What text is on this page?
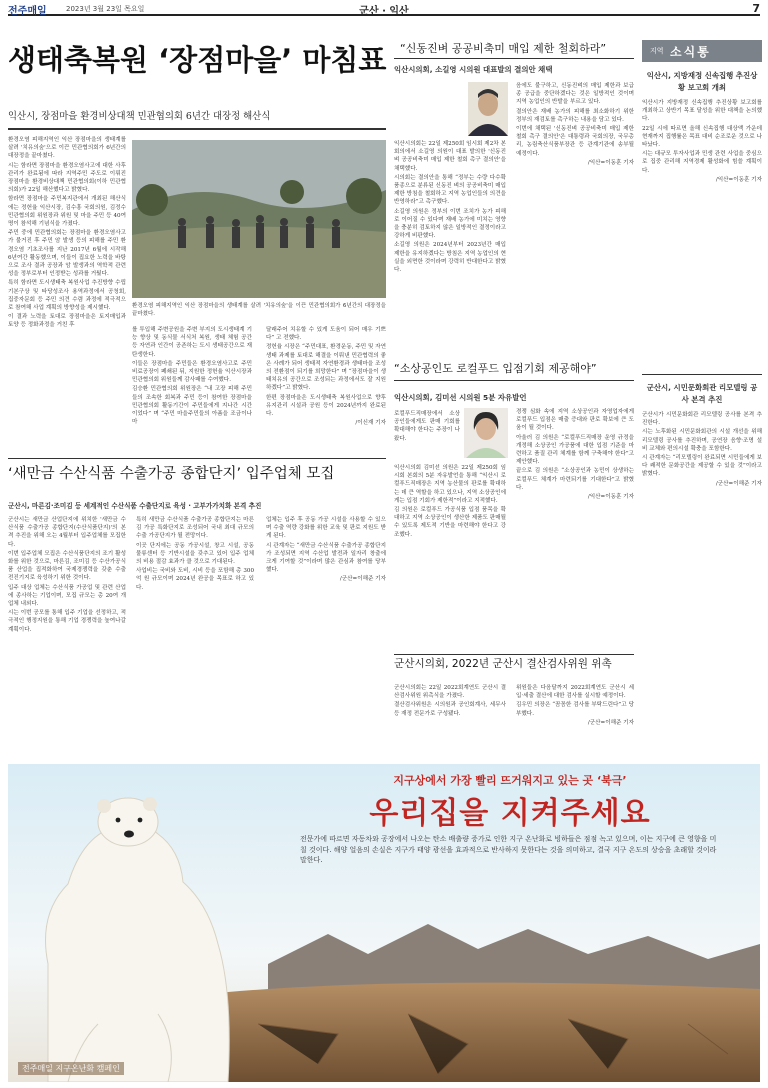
전주매일	2023년 3월 23일 목요일	군산 · 익산	7
생태축복원 ‘장점마을’ 마침표
익산시, 장점마을 환경비상대책 민관협의회 6년간 대장정 해산식

환경오염 피해지역인 익산 장점마을의 생태계를 살려 '치유의숲'으로 이끈 민관협의회가 6년간의 대장정을 끝마쳤다.

시는 함라면 장점마을 환경오염사고에 대한 사후관리가 완료됨에 따라 지역주민 주도로 이뤄진 장점마을 환경비상대책 민관협의회(이하 민관협의회)가 22일 해산했다고 밝혔다.

함라면 장점마을 주민복지관에서 개최된 해산식에는 정헌율 익산시장, 김수흥 국회의원, 김정수 민관협의회 위원장과 위원 및 마을 주민 등 40여명이 참석해 기념식을 가졌다.

주민 중에 민관협의회는 장점마을 환경오염사고가 불거진 후 주민 암 발생 등의 피해를 주민 환경오염 기초조사를 지난 2017년 6월에 시작해 6년여간 활동했으며, 이들이 집요한 노력을 바탕으로 조사 결과 공장과 암 발생과의 역학적 관련성을 정부로부터 인정받는 성과를 거뒀다.

특히 함라면 도시생태축 복원사업 추진방향 수립 기본구상 및 타당성조사 용역과정에서 공청회, 집중자문회 등 주민 의견 수렴 과정에 적극적으로 참여해 사업 계획의 방향성을 제시했다.

이 결과 노력을 토대로 장점마을은 토지매입과 토양 등 정화과정을 거친 후

환경오염 피해지역인 익산 장점마을의 생태계를 살려 '치유의숲'을 이끈 민관협의회가 6년간의 대장정을 끝마쳤다.

를 투입해 주변공원을 주변 부지의 도시생태계 기능 향상 및 동식물 서식처 복원, 생태 체험 공간 등 자연과 인간이 공존하는 도시 생태공간으로 재탄생한다.

이들은 장점마을 주민들은 환경오염사고로 주민비료공장이 폐쇄된 뒤, 지원한 정헌율 익산시장과 민관협의회 위원들께 감사패를 수여했다.

김승환 민관협의회 위원장은 “내 고장 피해 주민들의 조속한 회복과 주민 등이 참여한 장점마을 민관협의회 활동기간이 주민들에게 지나간 시간이었다” 며 “주민 마을주민들의 아픔을 조금이나마

달래주어 치유할 수 있게 도움이 되어 매우 기쁘다” 고 전했다.

정헌율 시장은 “주민대표, 환경운동, 주민 및 자연생태 과제를 토대로 해결을 이뤄낸 민관협력의 좋은 사례가 되어 생태적 자연환경과 생태마을 조성의 전환점이 되기를 희망한다” 며 “장점마을이 생태치유의 공간으로 조성되는 과정에서도 잘 지원하겠다”고 밝혔다.

한편 장점마을은 도시생태축 복원사업으로 향후 유지관리 시설과 공원 등이 2024년까지 완료된다.

/이신재 기자

“신동진벼 공공비축미 매입 제한 철회하라”
익산시의회, 소길영 시의원 대표발의 결의안 채택

익산시의회는 22일 제250회 임시회 제2차 본회의에서 소길영 의원이 대표 발의한 '신동진벼 공공비축미 매입 제한 철회 촉구 결의안'을 채택했다.

시의회는 결의안을 통해 “정부는 수량 다수확 품종으로 분류된 신동진 벼의 공공비축미 매입 제한 방침을 철회하고 지역 농업인들의 의견을 반영하라”고 촉구했다.

소길영 의원은 정부의 이번 조치가 농가 피해로 이어질 수 있다며 재배 농가에 미치는 영향을 충분히 검토하지 않은 일방적인 결정이라고 강하게 비판했다.

소길영 의원은 2024년부터 2023년간 매입 제한을 유지하겠다는 방침은 지역 농업인의 현실을 외면한 것이라며 강력히 반대한다고 밝혔다.

음에도 불구하고, 신동진벼의 매입 제한과 보급종 공급을 중단하겠다는 것은 일방적인 것이며 지역 농업인의 반발을 부르고 있다.

결의안은 재배 농가의 피해를 최소화하기 위한 정부의 재검토를 촉구하는 내용을 담고 있다.

이번에 채택된 '신동진벼 공공비축미 매입 제한 철회 촉구 결의안'은 대통령과 국회의장, 국무총리, 농림축산식품부장관 등 관계기관에 송부될 예정이다.

/익산=이동훈 기자

지역 소식통
익산시, 지방재정 신속집행 추진상황 보고회 개최

익산시가 지방재정 신속집행 추진상황 보고회를 개최하고 상반기 목표 달성을 위한 대책을 논의했다.

22일 시에 따르면 올해 신속집행 대상액 가운데 현재까지 집행률은 목표 대비 순조로운 것으로 나타났다.

시는 대규모 투자사업과 민생 관련 사업을 중심으로 집중 관리해 지역경제 활성화에 힘쓸 계획이다.

/익산=이동훈 기자

군산시, 시민문화회관 리모델링 공사 본격 추진

군산시가 시민문화회관 리모델링 공사를 본격 추진한다.

시는 노후화된 시민문화회관의 시설 개선을 위해 리모델링 공사를 추진하며, 공연장 음향·조명 설비 교체와 편의시설 확충을 포함한다.

시 관계자는 “리모델링이 완료되면 시민들에게 보다 쾌적한 문화공간을 제공할 수 있을 것”이라고 밝혔다.

/군산=이해준 기자

“소상공인도 로컬푸드 입점기회 제공해야”
익산시의회, 김미선 시의원 5분 자유발언

로컬푸드직매장에서 소상공인들에게도 판매 기회를 확대해야 한다는 주장이 나왔다.

익산시의회 김미선 의원은 22일 제250회 임시회 본회의 5분 자유발언을 통해 “익산시 로컬푸드직매장은 지역 농산물의 판로를 확대하는 데 큰 역할을 하고 있으나, 지역 소상공인에게는 입점 기회가 제한적”이라고 지적했다.

김 의원은 로컬푸드 가공식품 입점 품목을 확대하고 지역 소상공인이 생산한 제품도 판매될 수 있도록 제도적 기반을 마련해야 한다고 강조했다.

경쟁 심화 속에 지역 소상공인과 자영업자에게 로컬푸드 입점은 매출 증대와 판로 확보에 큰 도움이 될 것이다.

아울러 김 의원은 “로컬푸드직매장 운영 규정을 개정해 소상공인 가공품에 대한 입점 기준을 마련하고 품질 관리 체계를 함께 구축해야 한다”고 제안했다.

끝으로 김 의원은 “소상공인과 농민이 상생하는 로컬푸드 체계가 마련되기를 기대한다”고 밝혔다.

/익산=이동훈 기자

‘새만금 수산식품 수출가공 종합단지’ 입주업체 모집
군산시, 마른김·조미김 등 세계적인 수산식품 수출단지로 육성 · 고부가가치화 본격 추진

군산시는 새만금 산업단지에 위치한 '새만금 수산식품 수출가공 종합단지(수산식품단지)'의 본격 추진을 위해 오는 4월부터 입주업체를 모집한다.

이번 입주업체 모집은 수산식품단지의 조기 활성화를 위한 것으로, 마른김, 조미김 등 수산가공식품 산업을 집적화하여 국제경쟁력을 갖춘 수출 전진기지로 육성하기 위한 것이다.

입주 대상 업체는 수산식품 가공업 및 관련 산업에 종사하는 기업이며, 모집 규모는 총 20여 개 업체 내외다.

시는 이번 공모를 통해 입주 기업을 선정하고, 적극적인 행정지원을 통해 기업 경쟁력을 높여나갈 계획이다.

특히 새만금 수산식품 수출가공 종합단지는 마른김 가공 특화단지로 조성되어 국내 최대 규모의 수출 가공단지가 될 전망이다.

이곳 단지에는 공동 가공시설, 창고 시설, 공동 물류센터 등 기반시설을 갖추고 있어 입주 업체의 비용 절감 효과가 클 것으로 기대된다.

사업비는 국비와 도비, 시비 등을 포함해 총 300억 원 규모이며 2024년 완공을 목표로 하고 있다.

업체는 입주 후 공동 가공 시설을 사용할 수 있으며 수출 역량 강화를 위한 교육 및 판로 지원도 받게 된다.

시 관계자는 “새만금 수산식품 수출가공 종합단지가 조성되면 지역 수산업 발전과 일자리 창출에 크게 기여할 것”이라며 많은 관심과 참여를 당부했다.

/군산=이해준 기자

군산시의회, 2022년 군산시 결산검사위원 위촉

군산시의회는 22일 2022회계연도 군산시 결산검사위원 위촉식을 가졌다.

결산검사위원은 시의원과 공인회계사, 세무사 등 재정 전문가로 구성됐다.

위원들은 다음달까지 2022회계연도 군산시 세입·세출 결산에 대한 검사를 실시할 예정이다.

김우민 의장은 “꼼꼼한 검사를 부탁드린다”고 당부했다.

/군산=이해준 기자

지구상에서 가장 빨리 뜨거워지고 있는 곳 ‘북극’
우리집을 지켜주세요
전문가에 따르면 자동차와 공장에서 나오는 탄소 배출량 증가로 인한 지구 온난화로 빙하들은 점점 녹고 있으며, 이는 지구에 큰 영향을 미칠 것이다. 해양 얼음의 손실은 지구가 태양 광선을 효과적으로 반사하지 못한다는 것을 의미하고, 결국 지구 온도의 상승을 초래할 것이라 말한다.
전주매일 지구온난화 캠페인
